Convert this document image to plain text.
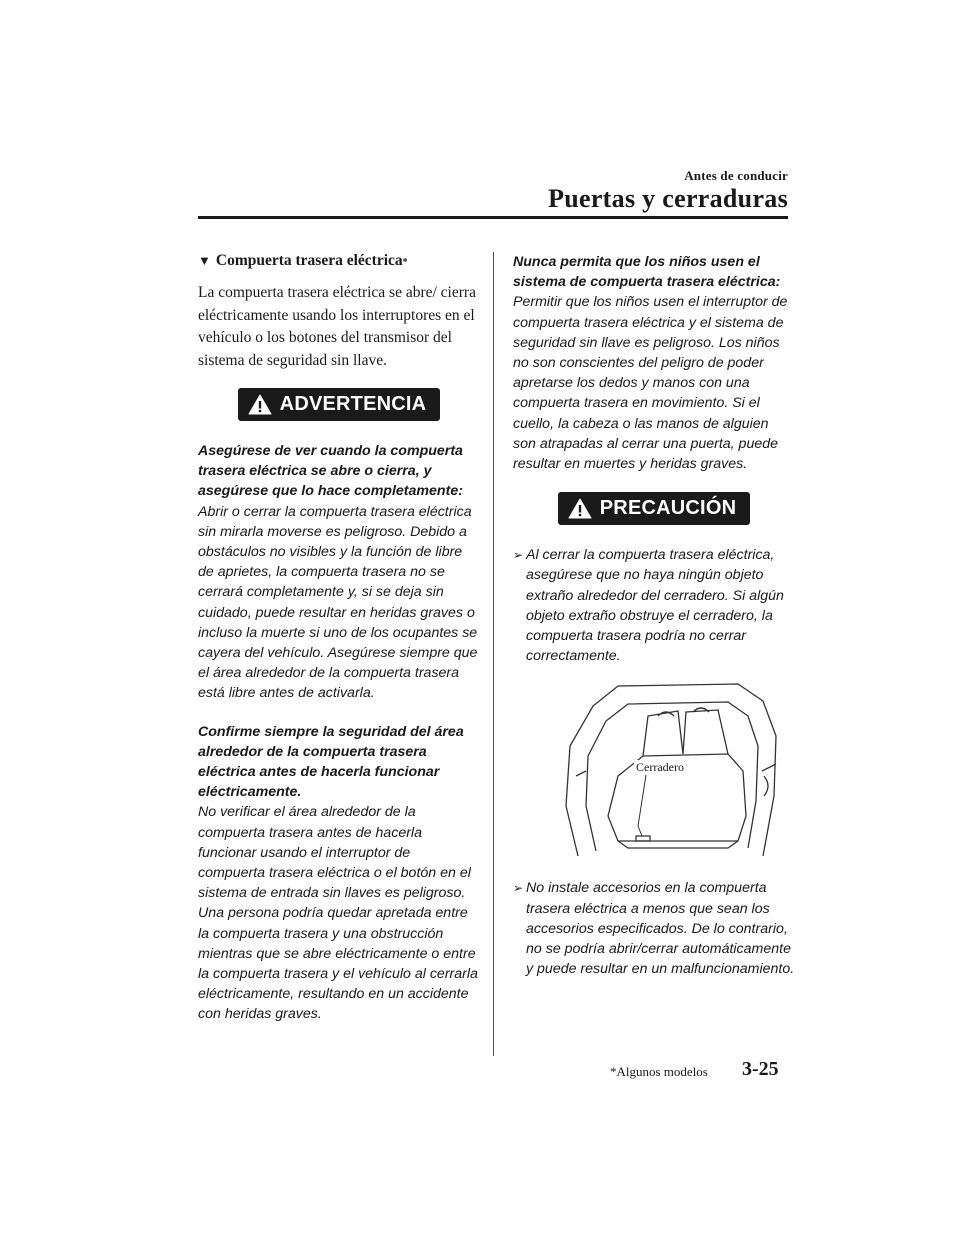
Antes de conducir
Puertas y cerraduras
▼ Compuerta trasera eléctrica *

La compuerta trasera eléctrica se abre/ cierra eléctricamente usando los interruptores en el vehículo o los botones del transmisor del sistema de seguridad sin llave.

ADVERTENCIA
Asegúrese de ver cuando la compuerta trasera eléctrica se abre o cierra, y asegúrese que lo hace completamente:
Abrir o cerrar la compuerta trasera eléctrica sin mirarla moverse es peligroso. Debido a obstáculos no visibles y la función de libre de aprietes, la compuerta trasera no se cerrará completamente y, si se deja sin cuidado, puede resultar en heridas graves o incluso la muerte si uno de los ocupantes se cayera del vehículo. Asegúrese siempre que el área alrededor de la compuerta trasera está libre antes de activarla.
Confirme siempre la seguridad del área alrededor de la compuerta trasera eléctrica antes de hacerla funcionar eléctricamente.
No verificar el área alrededor de la compuerta trasera antes de hacerla funcionar usando el interruptor de compuerta trasera eléctrica o el botón en el sistema de entrada sin llaves es peligroso. Una persona podría quedar apretada entre la compuerta trasera y una obstrucción mientras que se abre eléctricamente o entre la compuerta trasera y el vehículo al cerrarla eléctricamente, resultando en un accidente con heridas graves.
Nunca permita que los niños usen el sistema de compuerta trasera eléctrica:
Permitir que los niños usen el interruptor de compuerta trasera eléctrica y el sistema de seguridad sin llave es peligroso. Los niños no son conscientes del peligro de poder apretarse los dedos y manos con una compuerta trasera en movimiento. Si el cuello, la cabeza o las manos de alguien son atrapadas al cerrar una puerta, puede resultar en muertes y heridas graves.
PRECAUCIÓN
➢ Al cerrar la compuerta trasera eléctrica, asegúrese que no haya ningún objeto extraño alrededor del cerradero. Si algún objeto extraño obstruye el cerradero, la compuerta trasera podría no cerrar correctamente.
Cerradero
➢ No instale accesorios en la compuerta trasera eléctrica a menos que sean los accesorios especificados. De lo contrario, no se podría abrir/cerrar automáticamente y puede resultar en un malfuncionamiento.
*Algunos modelos 3-25
